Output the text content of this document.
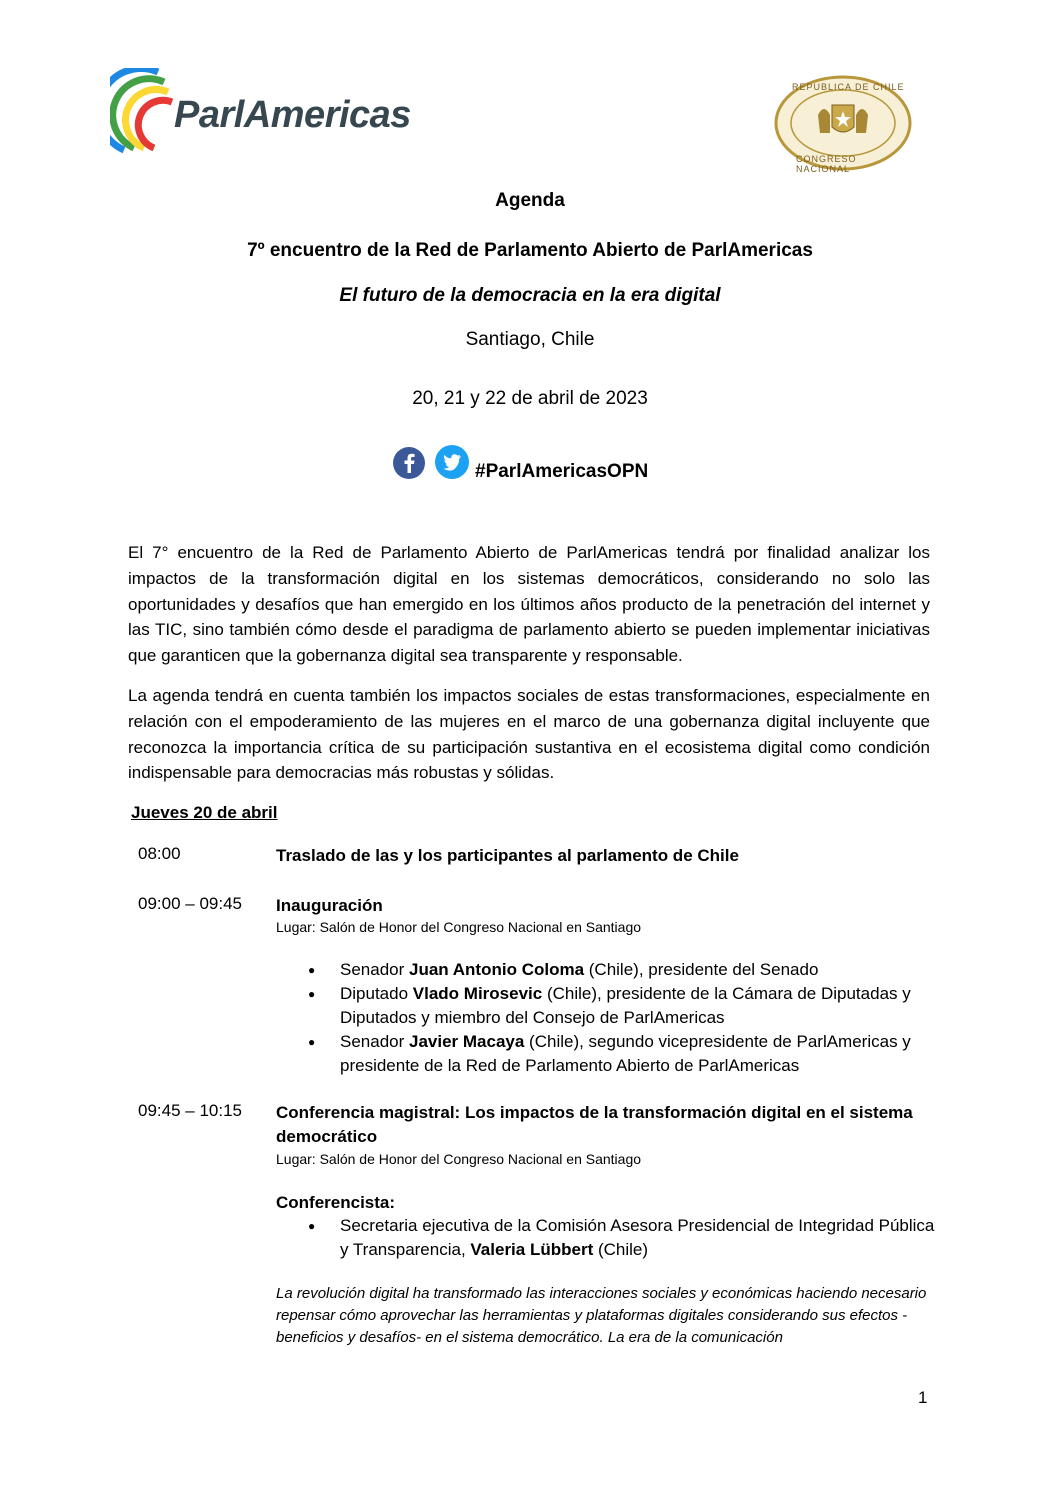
ParlAmericas
REPUBLICA DE CHILE
CONGRESO NACIONAL
Agenda
7º encuentro de la Red de Parlamento Abierto de ParlAmericas
El futuro de la democracia en la era digital
Santiago, Chile
20, 21 y 22 de abril de 2023
#ParlAmericasOPN

El 7° encuentro de la Red de Parlamento Abierto de ParlAmericas tendrá por finalidad analizar los impactos de la transformación digital en los sistemas democráticos, considerando no solo las oportunidades y desafíos que han emergido en los últimos años producto de la penetración del internet y las TIC, sino también cómo desde el paradigma de parlamento abierto se pueden implementar iniciativas que garanticen que la gobernanza digital sea transparente y responsable.

La agenda tendrá en cuenta también los impactos sociales de estas transformaciones, especialmente en relación con el empoderamiento de las mujeres en el marco de una gobernanza digital incluyente que reconozca la importancia crítica de su participación sustantiva en el ecosistema digital como condición indispensable para democracias más robustas y sólidas.

Jueves 20 de abril
08:00	Traslado de las y los participantes al parlamento de Chile
09:00 – 09:45 Inauguración
Lugar: Salón de Honor del Congreso Nacional en Santiago
● Senador Juan Antonio Coloma (Chile), presidente del Senado
● Diputado Vlado Mirosevic (Chile), presidente de la Cámara de Diputadas y Diputados y miembro del Consejo de ParlAmericas
● Senador Javier Macaya (Chile), segundo vicepresidente de ParlAmericas y presidente de la Red de Parlamento Abierto de ParlAmericas
09:45 – 10:15 Conferencia magistral: Los impactos de la transformación digital en el sistema democrático
Lugar: Salón de Honor del Congreso Nacional en Santiago
Conferencista:
● Secretaria ejecutiva de la Comisión Asesora Presidencial de Integridad Pública y Transparencia, Valeria Lübbert (Chile)

La revolución digital ha transformado las interacciones sociales y económicas haciendo necesario repensar cómo aprovechar las herramientas y plataformas digitales considerando sus efectos -beneficios y desafíos- en el sistema democrático. La era de la comunicación

1
